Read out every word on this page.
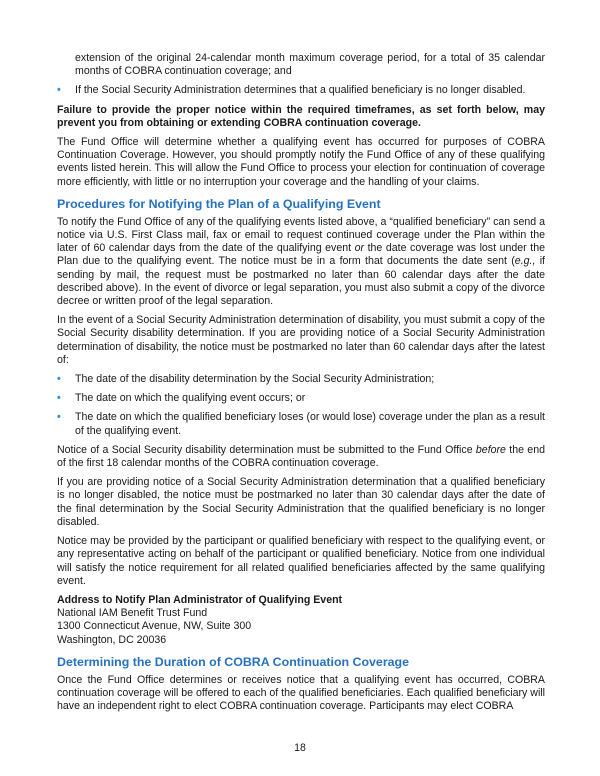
extension of the original 24-calendar month maximum coverage period, for a total of 35 calendar months of COBRA continuation coverage; and

• If the Social Security Administration determines that a qualified beneficiary is no longer disabled.

Failure to provide the proper notice within the required timeframes, as set forth below, may prevent you from obtaining or extending COBRA continuation coverage.

The Fund Office will determine whether a qualifying event has occurred for purposes of COBRA Continuation Coverage. However, you should promptly notify the Fund Office of any of these qualifying events listed herein. This will allow the Fund Office to process your election for continuation of coverage more efficiently, with little or no interruption your coverage and the handling of your claims.

Procedures for Notifying the Plan of a Qualifying Event

To notify the Fund Office of any of the qualifying events listed above, a “qualified beneficiary” can send a notice via U.S. First Class mail, fax or email to request continued coverage under the Plan within the later of 60 calendar days from the date of the qualifying event or the date coverage was lost under the Plan due to the qualifying event. The notice must be in a form that documents the date sent (e.g., if sending by mail, the request must be postmarked no later than 60 calendar days after the date described above). In the event of divorce or legal separation, you must also submit a copy of the divorce decree or written proof of the legal separation.

In the event of a Social Security Administration determination of disability, you must submit a copy of the Social Security disability determination. If you are providing notice of a Social Security Administration determination of disability, the notice must be postmarked no later than 60 calendar days after the latest of:

• The date of the disability determination by the Social Security Administration;
• The date on which the qualifying event occurs; or
• The date on which the qualified beneficiary loses (or would lose) coverage under the plan as a result of the qualifying event.

Notice of a Social Security disability determination must be submitted to the Fund Office before the end of the first 18 calendar months of the COBRA continuation coverage.

If you are providing notice of a Social Security Administration determination that a qualified beneficiary is no longer disabled, the notice must be postmarked no later than 30 calendar days after the date of the final determination by the Social Security Administration that the qualified beneficiary is no longer disabled.

Notice may be provided by the participant or qualified beneficiary with respect to the qualifying event, or any representative acting on behalf of the participant or qualified beneficiary. Notice from one individual will satisfy the notice requirement for all related qualified beneficiaries affected by the same qualifying event.

Address to Notify Plan Administrator of Qualifying Event

National IAM Benefit Trust Fund

1300 Connecticut Avenue, NW, Suite 300

Washington, DC 20036

Determining the Duration of COBRA Continuation Coverage

Once the Fund Office determines or receives notice that a qualifying event has occurred, COBRA continuation coverage will be offered to each of the qualified beneficiaries. Each qualified beneficiary will have an independent right to elect COBRA continuation coverage. Participants may elect COBRA

18
